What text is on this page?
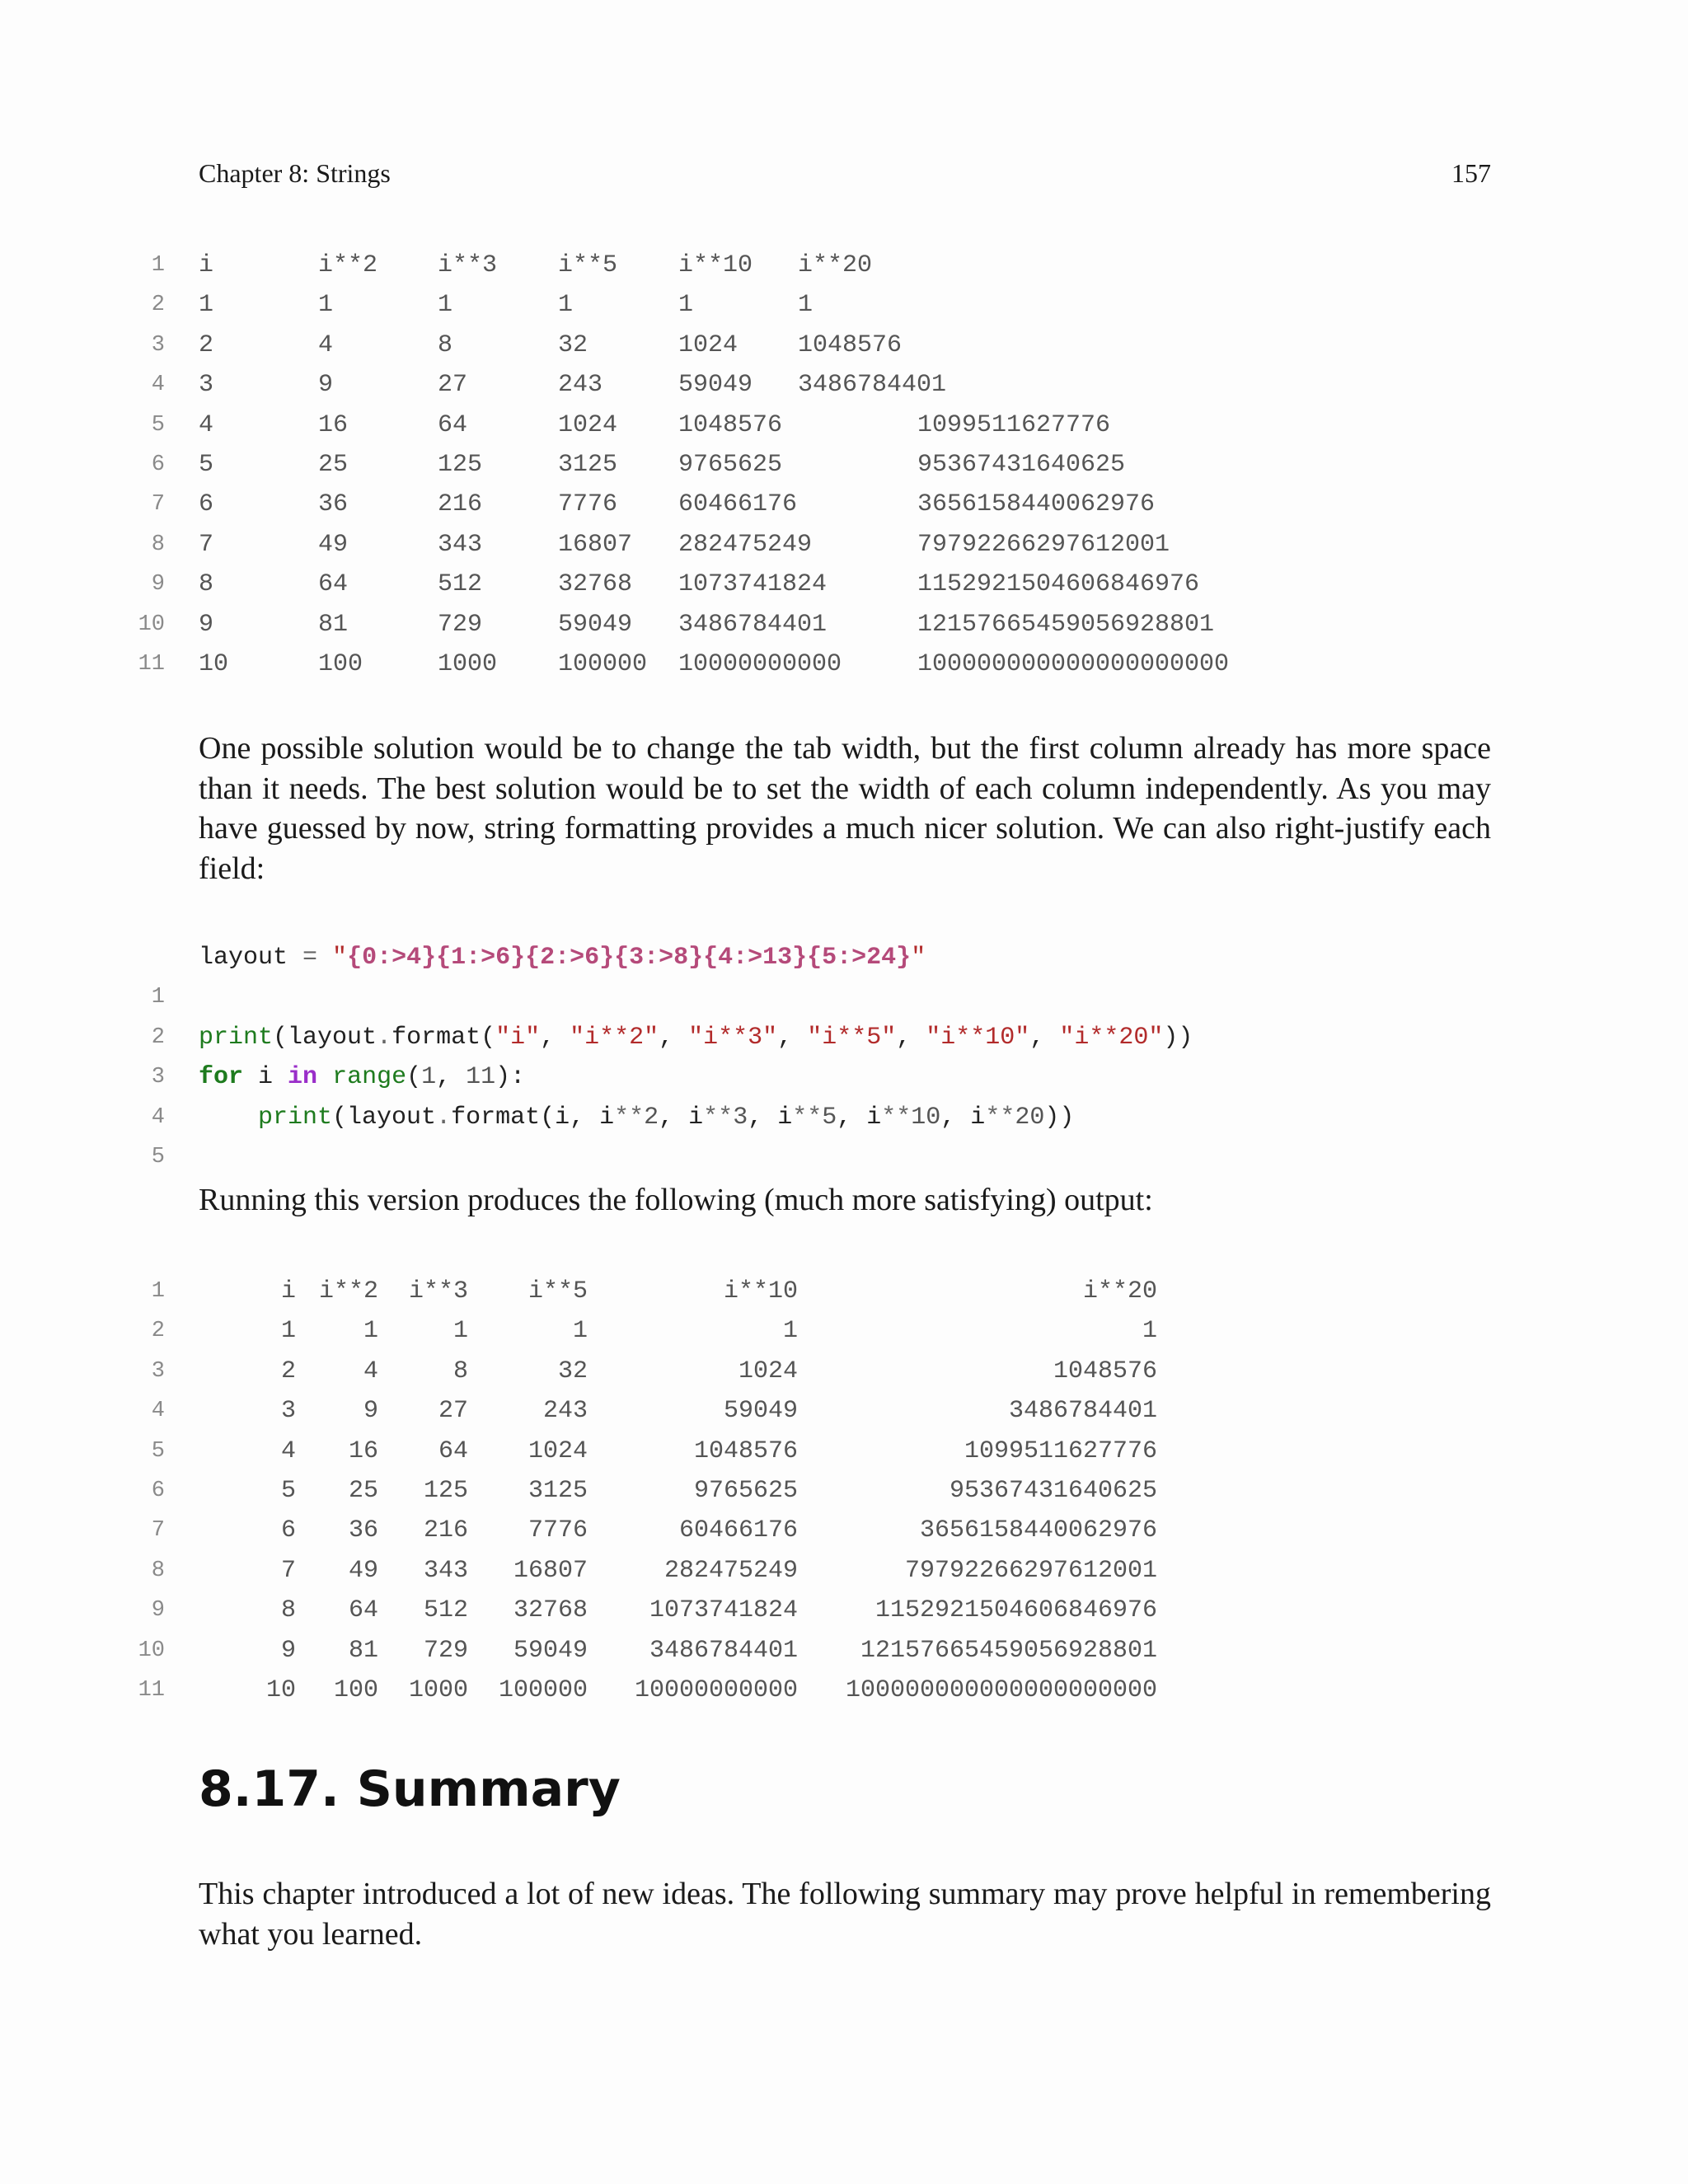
Chapter 8: Strings	157
1 i	i**2 i**3 i**5 i**10 i**20
2 1	1	1	1	1	1
3 2	4	8	32	1024 1048576
4 3	9	27	243	59049 3486784401
5 4	16	64	1024 1048576	1099511627776
6 5	25	125	3125 9765625	95367431640625
7 6	36	216	7776 60466176	3656158440062976
8 7	49	343	16807 282475249	79792266297612001
9 8	64	512	32768 1073741824	1152921504606846976
10 9	81	729	59049 3486784401	12157665459056928801
11 10	100	1000 100000 10000000000	100000000000000000000
One possible solution would be to change the tab width, but the first column already has more space than it needs. The best solution would be to set the width of each column independently. As you may have guessed by now, string formatting provides a much nicer solution. We can also right-justify each field:

1

layout = "{0:>4}{1:>6}{2:>6}{3:>8}{4:>13}{5:>24}"

2

3

print(layout.format("i", "i**2", "i**3", "i**5", "i**10", "i**20"))

4

for i in range(1, 11):

5

print(layout.format(i, i**2, i**3, i**5, i**10, i**20))

Running this version produces the following (much more satisfying) output:
1	i i**2	i**3	i**5	i**10	i**20
2	1	1	1	1	1	1
3	2	4	8	32	1024	1048576
4	3	9	27	243	59049	3486784401
5	4	16	64	1024	1048576	1099511627776
6	5	25	125	3125	9765625	95367431640625
7	6	36	216	7776	60466176	3656158440062976
8	7	49	343	16807	282475249	79792266297612001
9	8	64	512	32768	1073741824	1152921504606846976
10	9	81	729	59049	3486784401	12157665459056928801
11	10	100	1000	100000	10000000000	100000000000000000000
8.17. Summary
This chapter introduced a lot of new ideas. The following summary may prove helpful in remembering what you learned.
